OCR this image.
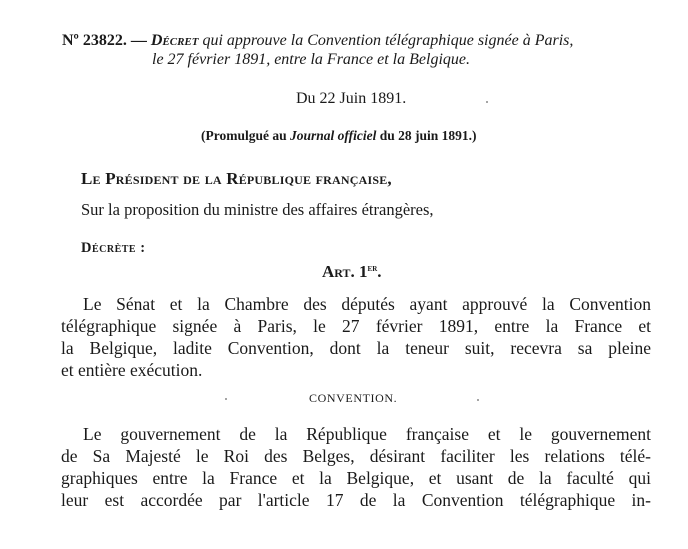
Nº 23822. — Décret qui approuve la Convention télégraphique signée à Paris,
le 27 février 1891, entre la France et la Belgique.
Du 22 Juin 1891.
(Promulgué au Journal officiel du 28 juin 1891.)
Le Président de la République française,
Sur la proposition du ministre des affaires étrangères,
Décrète :
Art. 1er.
Le Sénat et la Chambre des députés ayant approuvé la Convention
télégraphique signée à Paris, le 27 février 1891, entre la France et
la Belgique, ladite Convention, dont la teneur suit, recevra sa pleine
et entière exécution.
CONVENTION.
Le gouvernement de la République française et le gouvernement
de Sa Majesté le Roi des Belges, désirant faciliter les relations télé-
graphiques entre la France et la Belgique, et usant de la faculté qui
leur est accordée par l'article 17 de la Convention télégraphique in-
